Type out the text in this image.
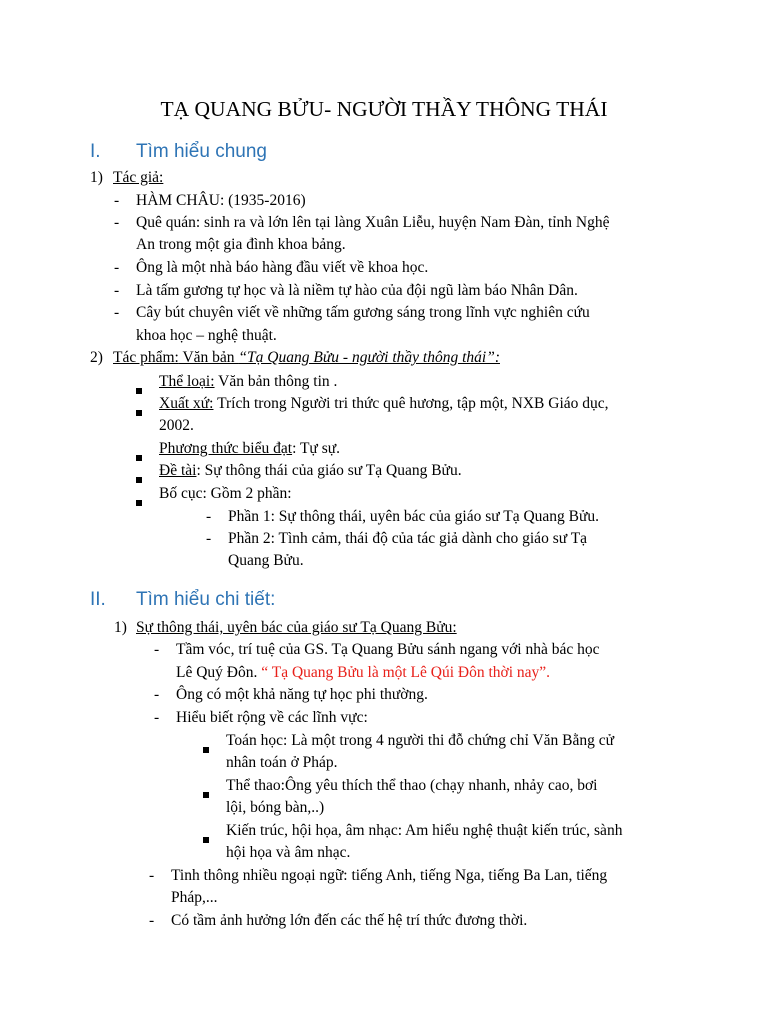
TẠ QUANG BỬU- NGƯỜI THẦY THÔNG THÁI
I. Tìm hiểu chung
1) Tác giả:
- HÀM CHÂU: (1935-2016)
- Quê quán: sinh ra và lớn lên tại làng Xuân Liễu, huyện Nam Đàn, tỉnh Nghệ
An trong một gia đình khoa bảng.
- Ông là một nhà báo hàng đầu viết về khoa học.
- Là tấm gương tự học và là niềm tự hào của đội ngũ làm báo Nhân Dân.
- Cây bút chuyên viết về những tấm gương sáng trong lĩnh vực nghiên cứu
khoa học – nghệ thuật.
2) Tác phẩm: Văn bản “Tạ Quang Bửu - người thầy thông thái”:
Thể loại: Văn bản thông tin .
Xuất xứ: Trích trong Người tri thức quê hương, tập một, NXB Giáo dục,
2002.
Phương thức biểu đạt: Tự sự.
Đề tài: Sự thông thái của giáo sư Tạ Quang Bửu.
Bố cục: Gồm 2 phần:
- Phần 1: Sự thông thái, uyên bác của giáo sư Tạ Quang Bửu.
- Phần 2: Tình cảm, thái độ của tác giả dành cho giáo sư Tạ
Quang Bửu.
II. Tìm hiểu chi tiết:
1) Sự thông thái, uyên bác của giáo sư Tạ Quang Bửu:
- Tầm vóc, trí tuệ của GS. Tạ Quang Bửu sánh ngang với nhà bác học
Lê Quý Đôn. “ Tạ Quang Bửu là một Lê Qúi Đôn thời nay”.
- Ông có một khả năng tự học phi thường.
- Hiểu biết rộng về các lĩnh vực:
Toán học: Là một trong 4 người thi đỗ chứng chỉ Văn Bằng cử
nhân toán ở Pháp.
Thể thao:Ông yêu thích thể thao (chạy nhanh, nhảy cao, bơi
lội, bóng bàn,..)
Kiến trúc, hội họa, âm nhạc: Am hiểu nghệ thuật kiến trúc, sành
hội họa và âm nhạc.
- Tinh thông nhiều ngoại ngữ: tiếng Anh, tiếng Nga, tiếng Ba Lan, tiếng
Pháp,...
- Có tầm ảnh hưởng lớn đến các thế hệ trí thức đương thời.
